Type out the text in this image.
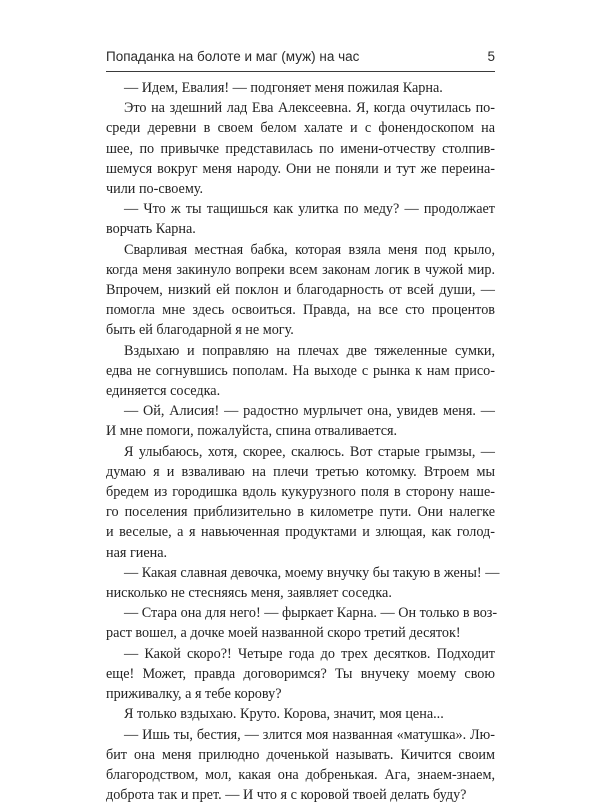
Попаданка на болоте и маг (муж) на час	5

— Идем, Евалия! — подгоняет меня пожилая Карна.

Это на здешний лад Ева Алексеевна. Я, когда очутилась по-
среди деревни в своем белом халате и с фонендоскопом на
шее, по привычке представилась по имени-отчеству столпив-
шемуся вокруг меня народу. Они не поняли и тут же переина-
чили по-своему.

— Что ж ты тащишься как улитка по меду? — продолжает
ворчать Карна.

Сварливая местная бабка, которая взяла меня под крыло,
когда меня закинуло вопреки всем законам логик в чужой мир.
Впрочем, низкий ей поклон и благодарность от всей души, —
помогла мне здесь освоиться. Правда, на все сто процентов
быть ей благодарной я не могу.

Вздыхаю и поправляю на плечах две тяжеленные сумки,
едва не согнувшись пополам. На выходе с рынка к нам присо-
единяется соседка.

— Ой, Алисия! — радостно мурлычет она, увидев меня. —
И мне помоги, пожалуйста, спина отваливается.

Я улыбаюсь, хотя, скорее, скалюсь. Вот старые грымзы, —
думаю я и взваливаю на плечи третью котомку. Втроем мы
бредем из городишка вдоль кукурузного поля в сторону наше-
го поселения приблизительно в километре пути. Они налегке
и веселые, а я навьюченная продуктами и злющая, как голод-
ная гиена.

— Какая славная девочка, моему внучку бы такую в жены! —
нисколько не стесняясь меня, заявляет соседка.

— Стара она для него! — фыркает Карна. — Он только в воз-
раст вошел, а дочке моей названной скоро третий десяток!

— Какой скоро?! Четыре года до трех десятков. Подходит
еще! Может, правда договоримся? Ты внучеку моему свою
приживалку, а я тебе корову?

Я только вздыхаю. Круто. Корова, значит, моя цена...

— Ишь ты, бестия, — злится моя названная «матушка». Лю-
бит она меня прилюдно доченькой называть. Кичится своим
благородством, мол, какая она добренькая. Ага, знаем-знаем,
доброта так и прет. — И что я с коровой твоей делать буду?
